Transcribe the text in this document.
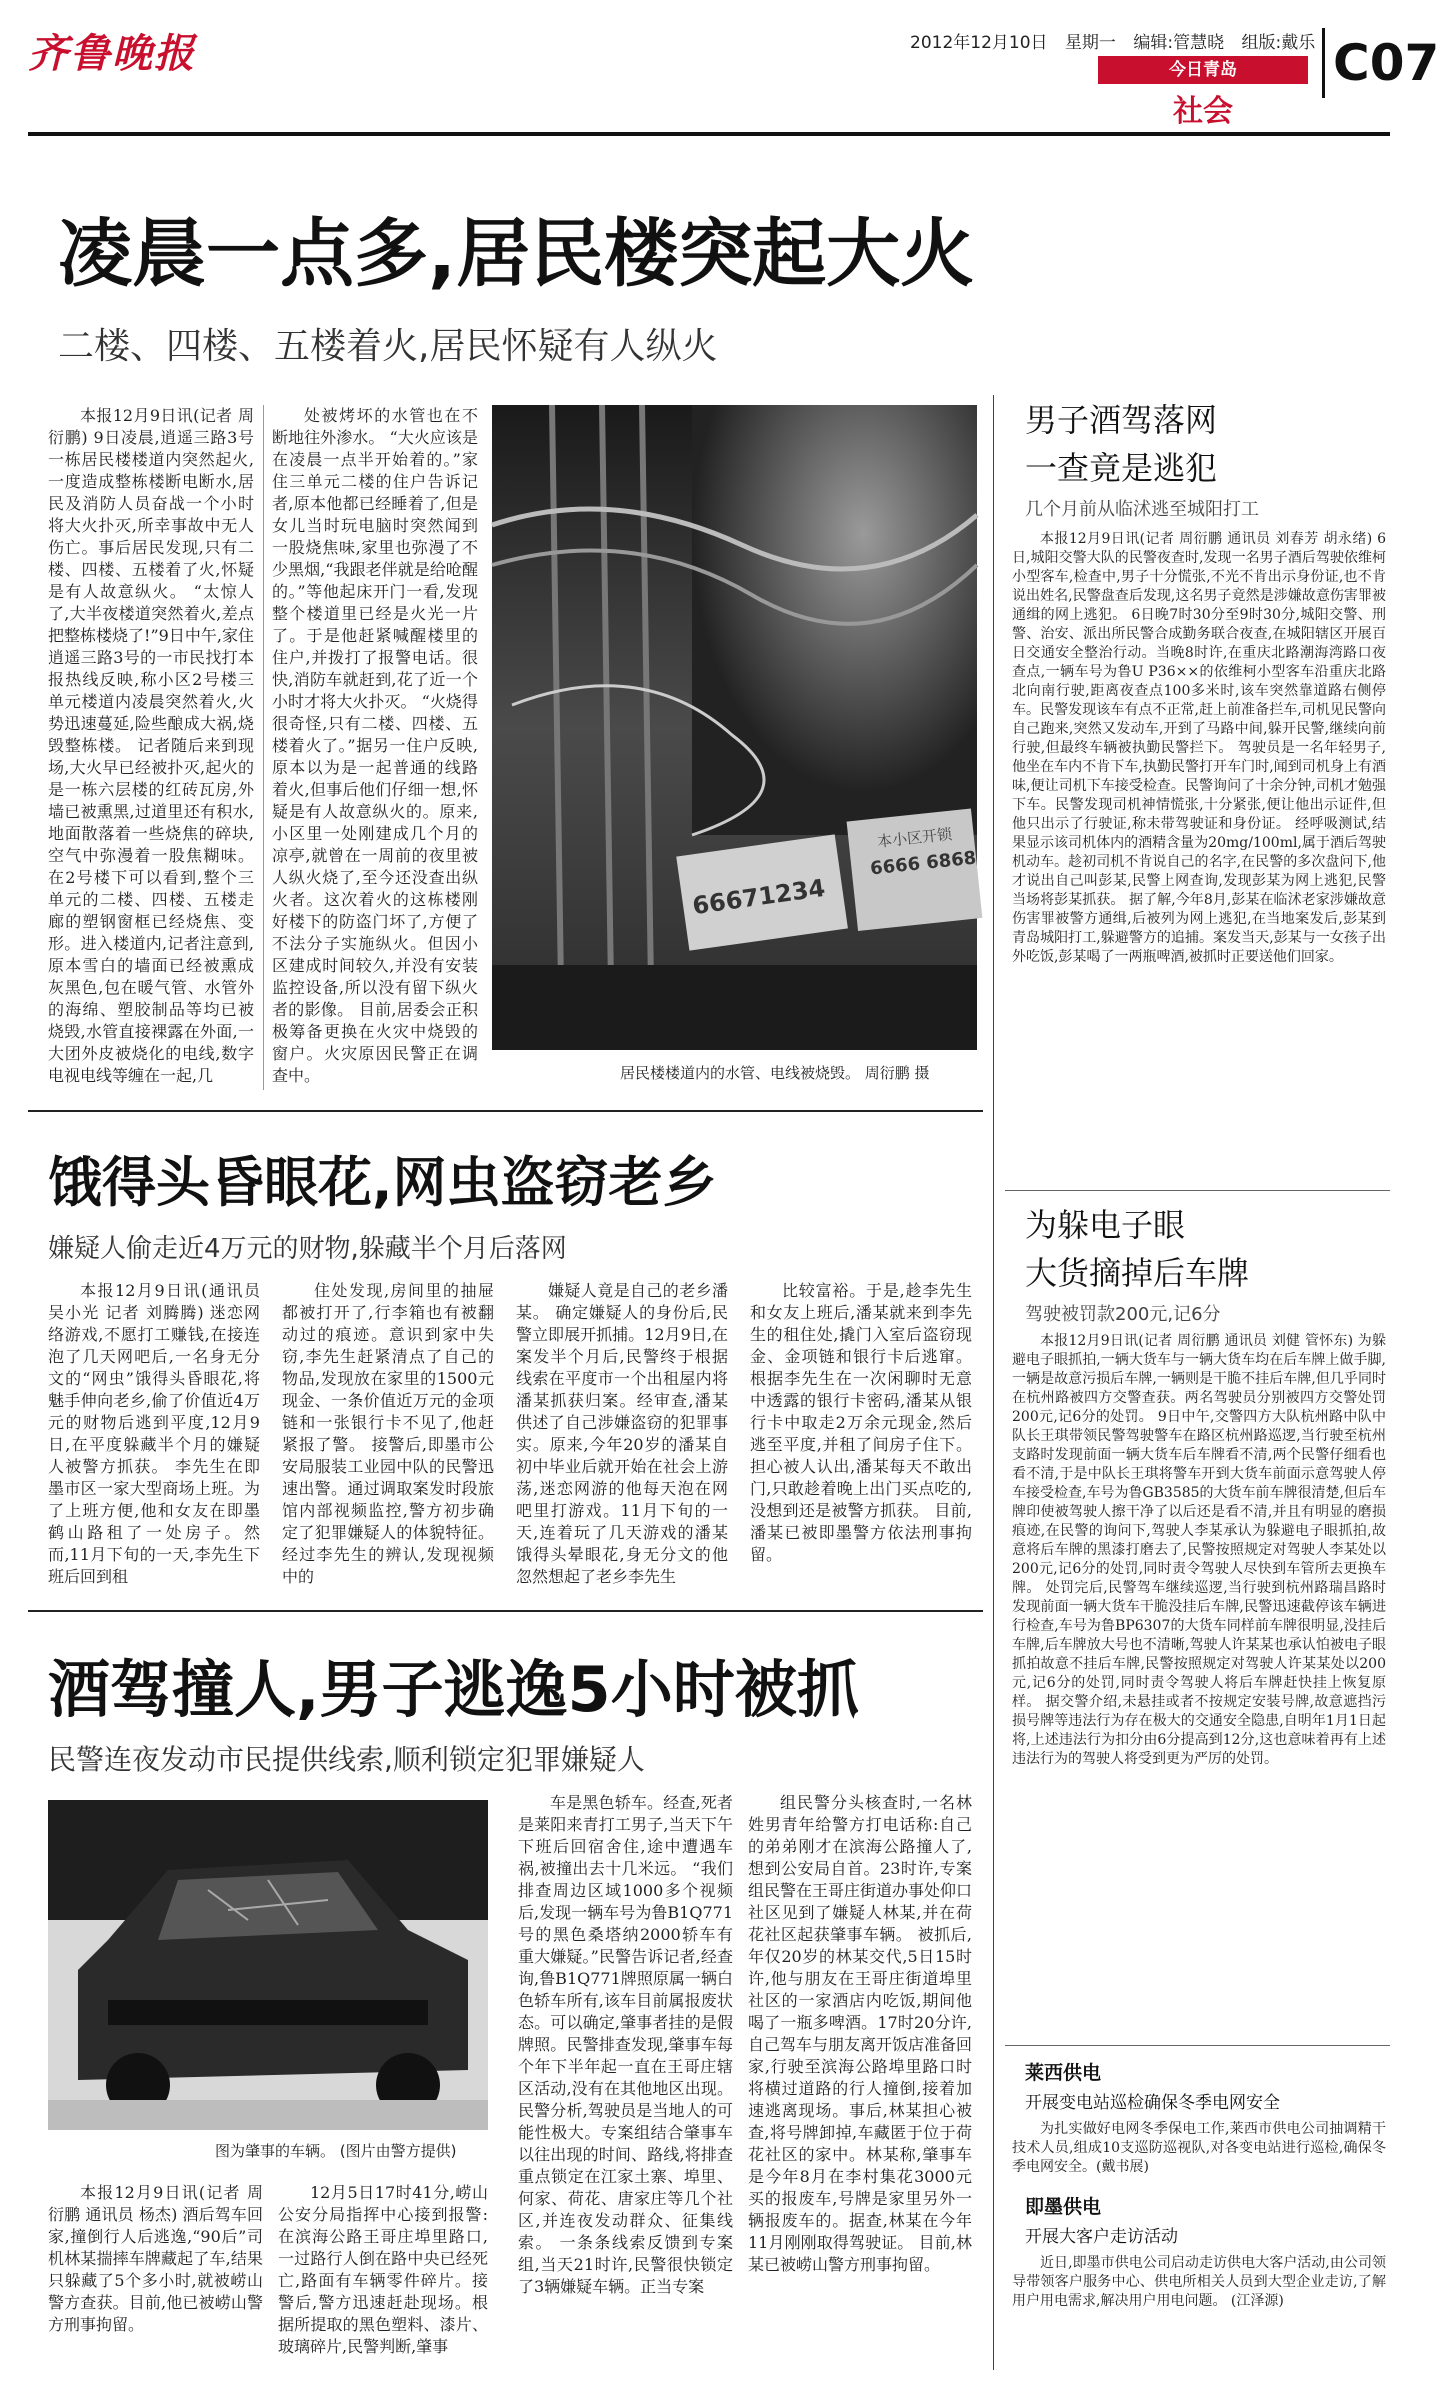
齐鲁晚报	2012年12月10日 星期一 编辑:管慧晓 组版:戴乐
今日青岛
社会
C07
凌晨一点多,居民楼突起大火
二楼、四楼、五楼着火,居民怀疑有人纵火

本报12月9日讯(记者 周衍鹏) 9日凌晨,逍遥三路3号一栋居民楼楼道内突然起火,一度造成整栋楼断电断水,居民及消防人员奋战一个小时将大火扑灭,所幸事故中无人伤亡。事后居民发现,只有二楼、四楼、五楼着了火,怀疑是有人故意纵火。 “太惊人了,大半夜楼道突然着火,差点把整栋楼烧了!”9日中午,家住逍遥三路3号的一市民找打本报热线反映,称小区2号楼三单元楼道内凌晨突然着火,火势迅速蔓延,险些酿成大祸,烧毁整栋楼。 记者随后来到现场,大火早已经被扑灭,起火的是一栋六层楼的红砖瓦房,外墙已被熏黑,过道里还有积水,地面散落着一些烧焦的碎块,空气中弥漫着一股焦糊味。在2号楼下可以看到,整个三单元的二楼、四楼、五楼走廊的塑钢窗框已经烧焦、变形。进入楼道内,记者注意到,原本雪白的墙面已经被熏成灰黑色,包在暖气管、水管外的海绵、塑胶制品等均已被烧毁,水管直接裸露在外面,一大团外皮被烧化的电线,数字电视电线等缠在一起,几

处被烤坏的水管也在不断地往外渗水。 “大火应该是在凌晨一点半开始着的。”家住三单元二楼的住户告诉记者,原本他都已经睡着了,但是女儿当时玩电脑时突然闻到一股烧焦味,家里也弥漫了不少黑烟,“我跟老伴就是给呛醒的。”等他起床开门一看,发现整个楼道里已经是火光一片了。于是他赶紧喊醒楼里的住户,并拨打了报警电话。很快,消防车就赶到,花了近一个小时才将大火扑灭。 “火烧得很奇怪,只有二楼、四楼、五楼着火了。”据另一住户反映,原本以为是一起普通的线路着火,但事后他们仔细一想,怀疑是有人故意纵火的。原来,小区里一处刚建成几个月的凉亭,就曾在一周前的夜里被人纵火烧了,至今还没查出纵火者。这次着火的这栋楼刚好楼下的防盗门坏了,方便了不法分子实施纵火。但因小区建成时间较久,并没有安装监控设备,所以没有留下纵火者的影像。 目前,居委会正积极筹备更换在火灾中烧毁的窗户。火灾原因民警正在调查中。

66671234
6666 6868
本小区开锁
居民楼楼道内的水管、电线被烧毁。 周衍鹏 摄
饿得头昏眼花,网虫盗窃老乡
嫌疑人偷走近4万元的财物,躲藏半个月后落网

本报12月9日讯(通讯员 吴小光 记者 刘腾腾) 迷恋网络游戏,不愿打工赚钱,在接连泡了几天网吧后,一名身无分文的“网虫”饿得头昏眼花,将魅手伸向老乡,偷了价值近4万元的财物后逃到平度,12月9日,在平度躲藏半个月的嫌疑人被警方抓获。 李先生在即墨市区一家大型商场上班。为了上班方便,他和女友在即墨鹤山路租了一处房子。然而,11月下旬的一天,李先生下班后回到租

住处发现,房间里的抽屉都被打开了,行李箱也有被翻动过的痕迹。意识到家中失窃,李先生赶紧清点了自己的物品,发现放在家里的1500元现金、一条价值近万元的金项链和一张银行卡不见了,他赶紧报了警。 接警后,即墨市公安局服装工业园中队的民警迅速出警。通过调取案发时段旅馆内部视频监控,警方初步确定了犯罪嫌疑人的体貌特征。经过李先生的辨认,发现视频中的

嫌疑人竟是自己的老乡潘某。 确定嫌疑人的身份后,民警立即展开抓捕。12月9日,在案发半个月后,民警终于根据线索在平度市一个出租屋内将潘某抓获归案。经审查,潘某供述了自己涉嫌盗窃的犯罪事实。原来,今年20岁的潘某自初中毕业后就开始在社会上游荡,迷恋网游的他每天泡在网吧里打游戏。11月下旬的一天,连着玩了几天游戏的潘某饿得头晕眼花,身无分文的他忽然想起了老乡李先生

比较富裕。于是,趁李先生和女友上班后,潘某就来到李先生的租住处,撬门入室后盗窃现金、金项链和银行卡后逃窜。根据李先生在一次闲聊时无意中透露的银行卡密码,潘某从银行卡中取走2万余元现金,然后逃至平度,并租了间房子住下。担心被人认出,潘某每天不敢出门,只敢趁着晚上出门买点吃的,没想到还是被警方抓获。 目前,潘某已被即墨警方依法刑事拘留。

酒驾撞人,男子逃逸5小时被抓
民警连夜发动市民提供线索,顺利锁定犯罪嫌疑人
图为肇事的车辆。 (图片由警方提供)

本报12月9日讯(记者 周衍鹏 通讯员 杨杰) 酒后驾车回家,撞倒行人后逃逸,“90后”司机林某揣摔车牌藏起了车,结果只躲藏了5个多小时,就被崂山警方查获。目前,他已被崂山警方刑事拘留。

12月5日17时41分,崂山公安分局指挥中心接到报警:在滨海公路王哥庄埠里路口,一过路行人倒在路中央已经死亡,路面有车辆零件碎片。接警后,警方迅速赶赴现场。根据所提取的黑色塑料、漆片、玻璃碎片,民警判断,肇事

车是黑色轿车。经查,死者是莱阳来青打工男子,当天下午下班后回宿舍住,途中遭遇车祸,被撞出去十几米远。 “我们排查周边区域1000多个视频后,发现一辆车号为鲁B1Q771号的黑色桑塔纳2000轿车有重大嫌疑。”民警告诉记者,经查询,鲁B1Q771牌照原属一辆白色轿车所有,该车目前属报废状态。可以确定,肇事者挂的是假牌照。民警排查发现,肇事车每个年下半年起一直在王哥庄辖区活动,没有在其他地区出现。民警分析,驾驶员是当地人的可能性极大。专案组结合肇事车以往出现的时间、路线,将排查重点锁定在江家土寨、埠里、何家、荷花、唐家庄等几个社区,并连夜发动群众、征集线索。 一条条线索反馈到专案组,当天21时许,民警很快锁定了3辆嫌疑车辆。正当专案

组民警分头核查时,一名林姓男青年给警方打电话称:自己的弟弟刚才在滨海公路撞人了,想到公安局自首。23时许,专案组民警在王哥庄街道办事处仰口社区见到了嫌疑人林某,并在荷花社区起获肇事车辆。 被抓后,年仅20岁的林某交代,5日15时许,他与朋友在王哥庄街道埠里社区的一家酒店内吃饭,期间他喝了一瓶多啤酒。17时20分许,自己驾车与朋友离开饭店准备回家,行驶至滨海公路埠里路口时将横过道路的行人撞倒,接着加速逃离现场。事后,林某担心被查,将号牌卸掉,车藏匿于位于荷花社区的家中。林某称,肇事车是今年8月在李村集花3000元买的报废车,号牌是家里另外一辆报废车的。据查,林某在今年11月刚刚取得驾驶证。 目前,林某已被崂山警方刑事拘留。

男子酒驾落网
一查竟是逃犯
几个月前从临沭逃至城阳打工

本报12月9日讯(记者 周衍鹏 通讯员 刘春芳 胡永绪) 6日,城阳交警大队的民警夜查时,发现一名男子酒后驾驶依维柯小型客车,检查中,男子十分慌张,不光不肯出示身份证,也不肯说出姓名,民警盘查后发现,这名男子竟然是涉嫌故意伤害罪被通缉的网上逃犯。 6日晚7时30分至9时30分,城阳交警、刑警、治安、派出所民警合成勤务联合夜查,在城阳辖区开展百日交通安全整治行动。当晚8时许,在重庆北路潮海湾路口夜查点,一辆车号为鲁U P36××的依维柯小型客车沿重庆北路北向南行驶,距离夜查点100多米时,该车突然靠道路右侧停车。民警发现该车有点不正常,赶上前准备拦车,司机见民警向自己跑来,突然又发动车,开到了马路中间,躲开民警,继续向前行驶,但最终车辆被执勤民警拦下。 驾驶员是一名年轻男子,他坐在车内不肯下车,执勤民警打开车门时,闻到司机身上有酒味,便让司机下车接受检查。民警询问了十余分钟,司机才勉强下车。民警发现司机神情慌张,十分紧张,便让他出示证件,但他只出示了行驶证,称未带驾驶证和身份证。 经呼吸测试,结果显示该司机体内的酒精含量为20mg/100ml,属于酒后驾驶机动车。趁初司机不肯说自己的名字,在民警的多次盘问下,他才说出自己叫彭某,民警上网查询,发现彭某为网上逃犯,民警当场将彭某抓获。 据了解,今年8月,彭某在临沭老家涉嫌故意伤害罪被警方通缉,后被列为网上逃犯,在当地案发后,彭某到青岛城阳打工,躲避警方的追捕。案发当天,彭某与一女孩子出外吃饭,彭某喝了一两瓶啤酒,被抓时正要送他们回家。

为躲电子眼
大货摘掉后车牌
驾驶被罚款200元,记6分

本报12月9日讯(记者 周衍鹏 通讯员 刘健 管怀东) 为躲避电子眼抓拍,一辆大货车与一辆大货车均在后车牌上做手脚,一辆是故意污损后车牌,一辆则是干脆不挂后车牌,但几乎同时在杭州路被四方交警查获。两名驾驶员分别被四方交警处罚200元,记6分的处罚。 9日中午,交警四方大队杭州路中队中队长王琪带领民警驾驶警车在路区杭州路巡逻,当行驶至杭州支路时发现前面一辆大货车后车牌看不清,两个民警仔细看也看不清,于是中队长王琪将警车开到大货车前面示意驾驶人停车接受检查,车号为鲁GB3585的大货车前车牌很清楚,但后车牌印使被驾驶人擦干净了以后还是看不清,并且有明显的磨损痕迹,在民警的询问下,驾驶人李某承认为躲避电子眼抓拍,故意将后车牌的黑漆打磨去了,民警按照规定对驾驶人李某处以200元,记6分的处罚,同时责令驾驶人尽快到车管所去更换车牌。 处罚完后,民警驾车继续巡逻,当行驶到杭州路瑞昌路时发现前面一辆大货车干脆没挂后车牌,民警迅速截停该车辆进行检查,车号为鲁BP6307的大货车同样前车牌很明显,没挂后车牌,后车牌放大号也不清晰,驾驶人许某某也承认怕被电子眼抓拍故意不挂后车牌,民警按照规定对驾驶人许某某处以200元,记6分的处罚,同时责令驾驶人将后车牌赶快挂上恢复原样。 据交警介绍,未悬挂或者不按规定安装号牌,故意遮挡污损号牌等违法行为存在极大的交通安全隐患,自明年1月1日起将,上述违法行为扣分由6分提高到12分,这也意味着再有上述违法行为的驾驶人将受到更为严厉的处罚。

莱西供电
开展变电站巡检确保冬季电网安全

为扎实做好电网冬季保电工作,莱西市供电公司抽调精干技术人员,组成10支巡防巡视队,对各变电站进行巡检,确保冬季电网安全。(戴书展)

即墨供电
开展大客户走访活动

近日,即墨市供电公司启动走访供电大客户活动,由公司领导带领客户服务中心、供电所相关人员到大型企业走访,了解用户用电需求,解决用户用电问题。 (江泽源)
